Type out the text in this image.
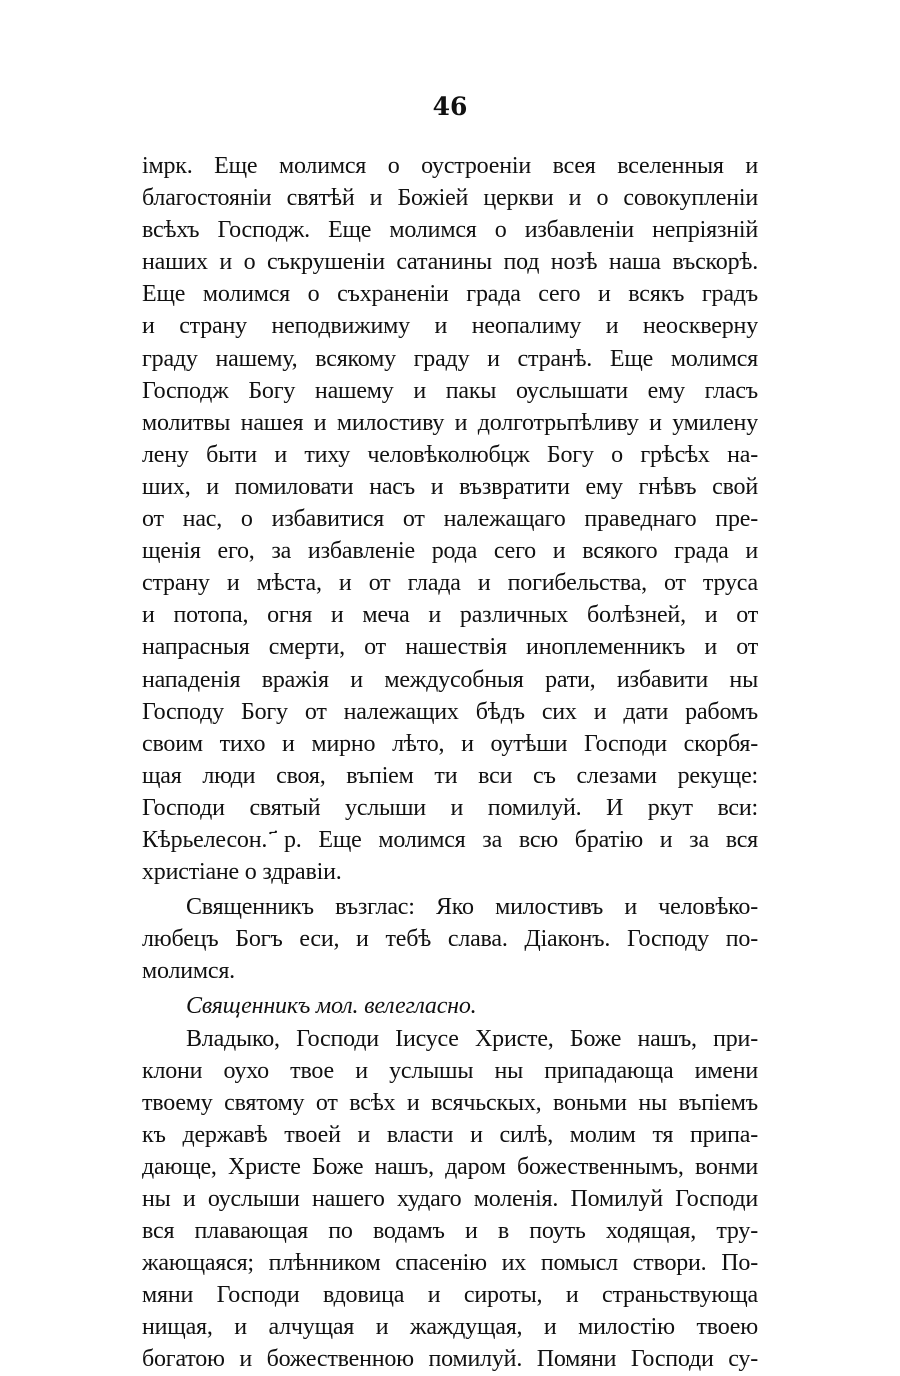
46
імрк. Еще молимся о оустроеніи всея вселенныя и
благостояніи святѣй и Божіей церкви и о совокупленіи
всѣхъ Господж. Еще молимся о избавленіи непріязній
наших и о съкрушеніи сатанины под нозѣ наша въскорѣ.
Еще молимся о съхраненіи града сего и всякъ градъ
и страну неподвижиму и неопалиму и неоскверну
граду нашему, всякому граду и странѣ. Еще молимся
Господж Богу нашему и пакы оуслышати ему гласъ
молитвы нашея и милостиву и долготрьпѣливу и умилену
лену быти и тиху человѣколюбцж Богу о грѣсѣх на-
ших, и помиловати насъ и възвратити ему гнѣвъ свой
от нас, о избавитися от належащаго праведнаго пре-
щенія его, за избавленіе рода сего и всякого града и
страну и мѣста, и от глада и погибельства, от труса
и потопа, огня и меча и различных болѣзней, и от
напрасныя смерти, от нашествія иноплеменникъ и от
нападенія вражія и междусобныя рати, избавити ны
Господу Богу от належащих бѣдъ сих и дати рабомъ
своим тихо и мирно лѣто, и оутѣши Господи скорбя-
щая люди своя, въпіем ти вси съ слезами рекуще:
Господи святый услыши и помилуй. И ркут вси:
Кѣрьелесон. ҃р. Еще молимся за всю братію и за вся
христіане о здравіи.
Священникъ възглас: Яко милостивъ и человѣко-
любецъ Богъ еси, и тебѣ слава. Діаконъ. Господу по-
молимся.
Священникъ мол. велегласно.
Владыко, Господи Іисусе Христе, Боже нашъ, при-
клони оухо твое и услышы ны припадающа имени
твоему святому от всѣх и всячьскых, воньми ны въпіемъ
къ державѣ твоей и власти и силѣ, молим тя припа-
дающе, Христе Боже нашъ, даром божественнымъ, вонми
ны и оуслыши нашего худаго моленія. Помилуй Господи
вся плавающая по водамъ и в поуть ходящая, тру-
жающаяся; плѣнником спасенію их помысл створи. По-
мяни Господи вдовица и сироты, и страньствующа
нищая, и алчущая и жаждущая, и милостію твоею
богатою и божественною помилуй. Помяни Господи су-
